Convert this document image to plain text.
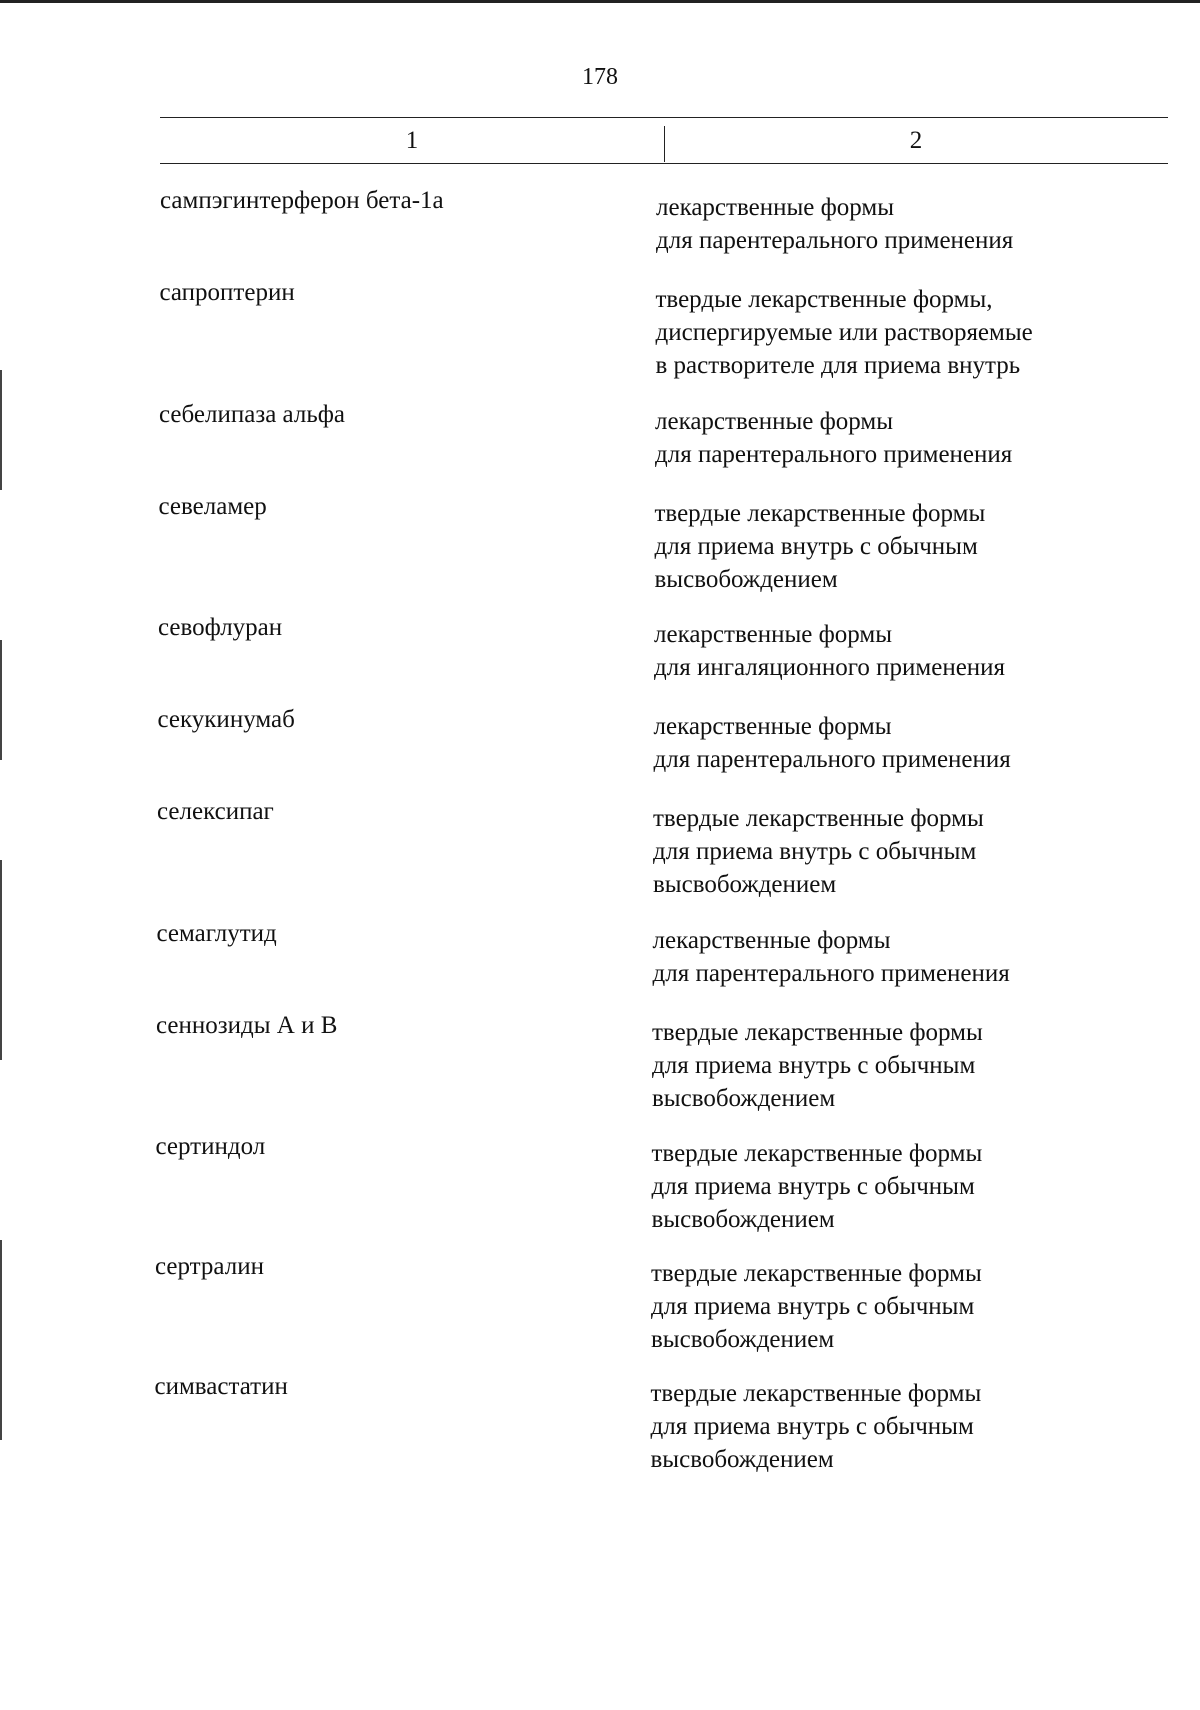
178
1	2
сампэгинтерферон бета-1а	лекарственные формы
для парентерального применения
сапроптерин	твердые лекарственные формы,
диспергируемые или растворяемые
в растворителе для приема внутрь
себелипаза альфа	лекарственные формы
для парентерального применения
севеламер	твердые лекарственные формы
для приема внутрь с обычным
высвобождением
севофлуран	лекарственные формы
для ингаляционного применения
секукинумаб	лекарственные формы
для парентерального применения
селексипаг	твердые лекарственные формы
для приема внутрь с обычным
высвобождением
семаглутид	лекарственные формы
для парентерального применения
сеннозиды А и В	твердые лекарственные формы
для приема внутрь с обычным
высвобождением
сертиндол	твердые лекарственные формы
для приема внутрь с обычным
высвобождением
сертралин	твердые лекарственные формы
для приема внутрь с обычным
высвобождением
симвастатин	твердые лекарственные формы
для приема внутрь с обычным
высвобождением
